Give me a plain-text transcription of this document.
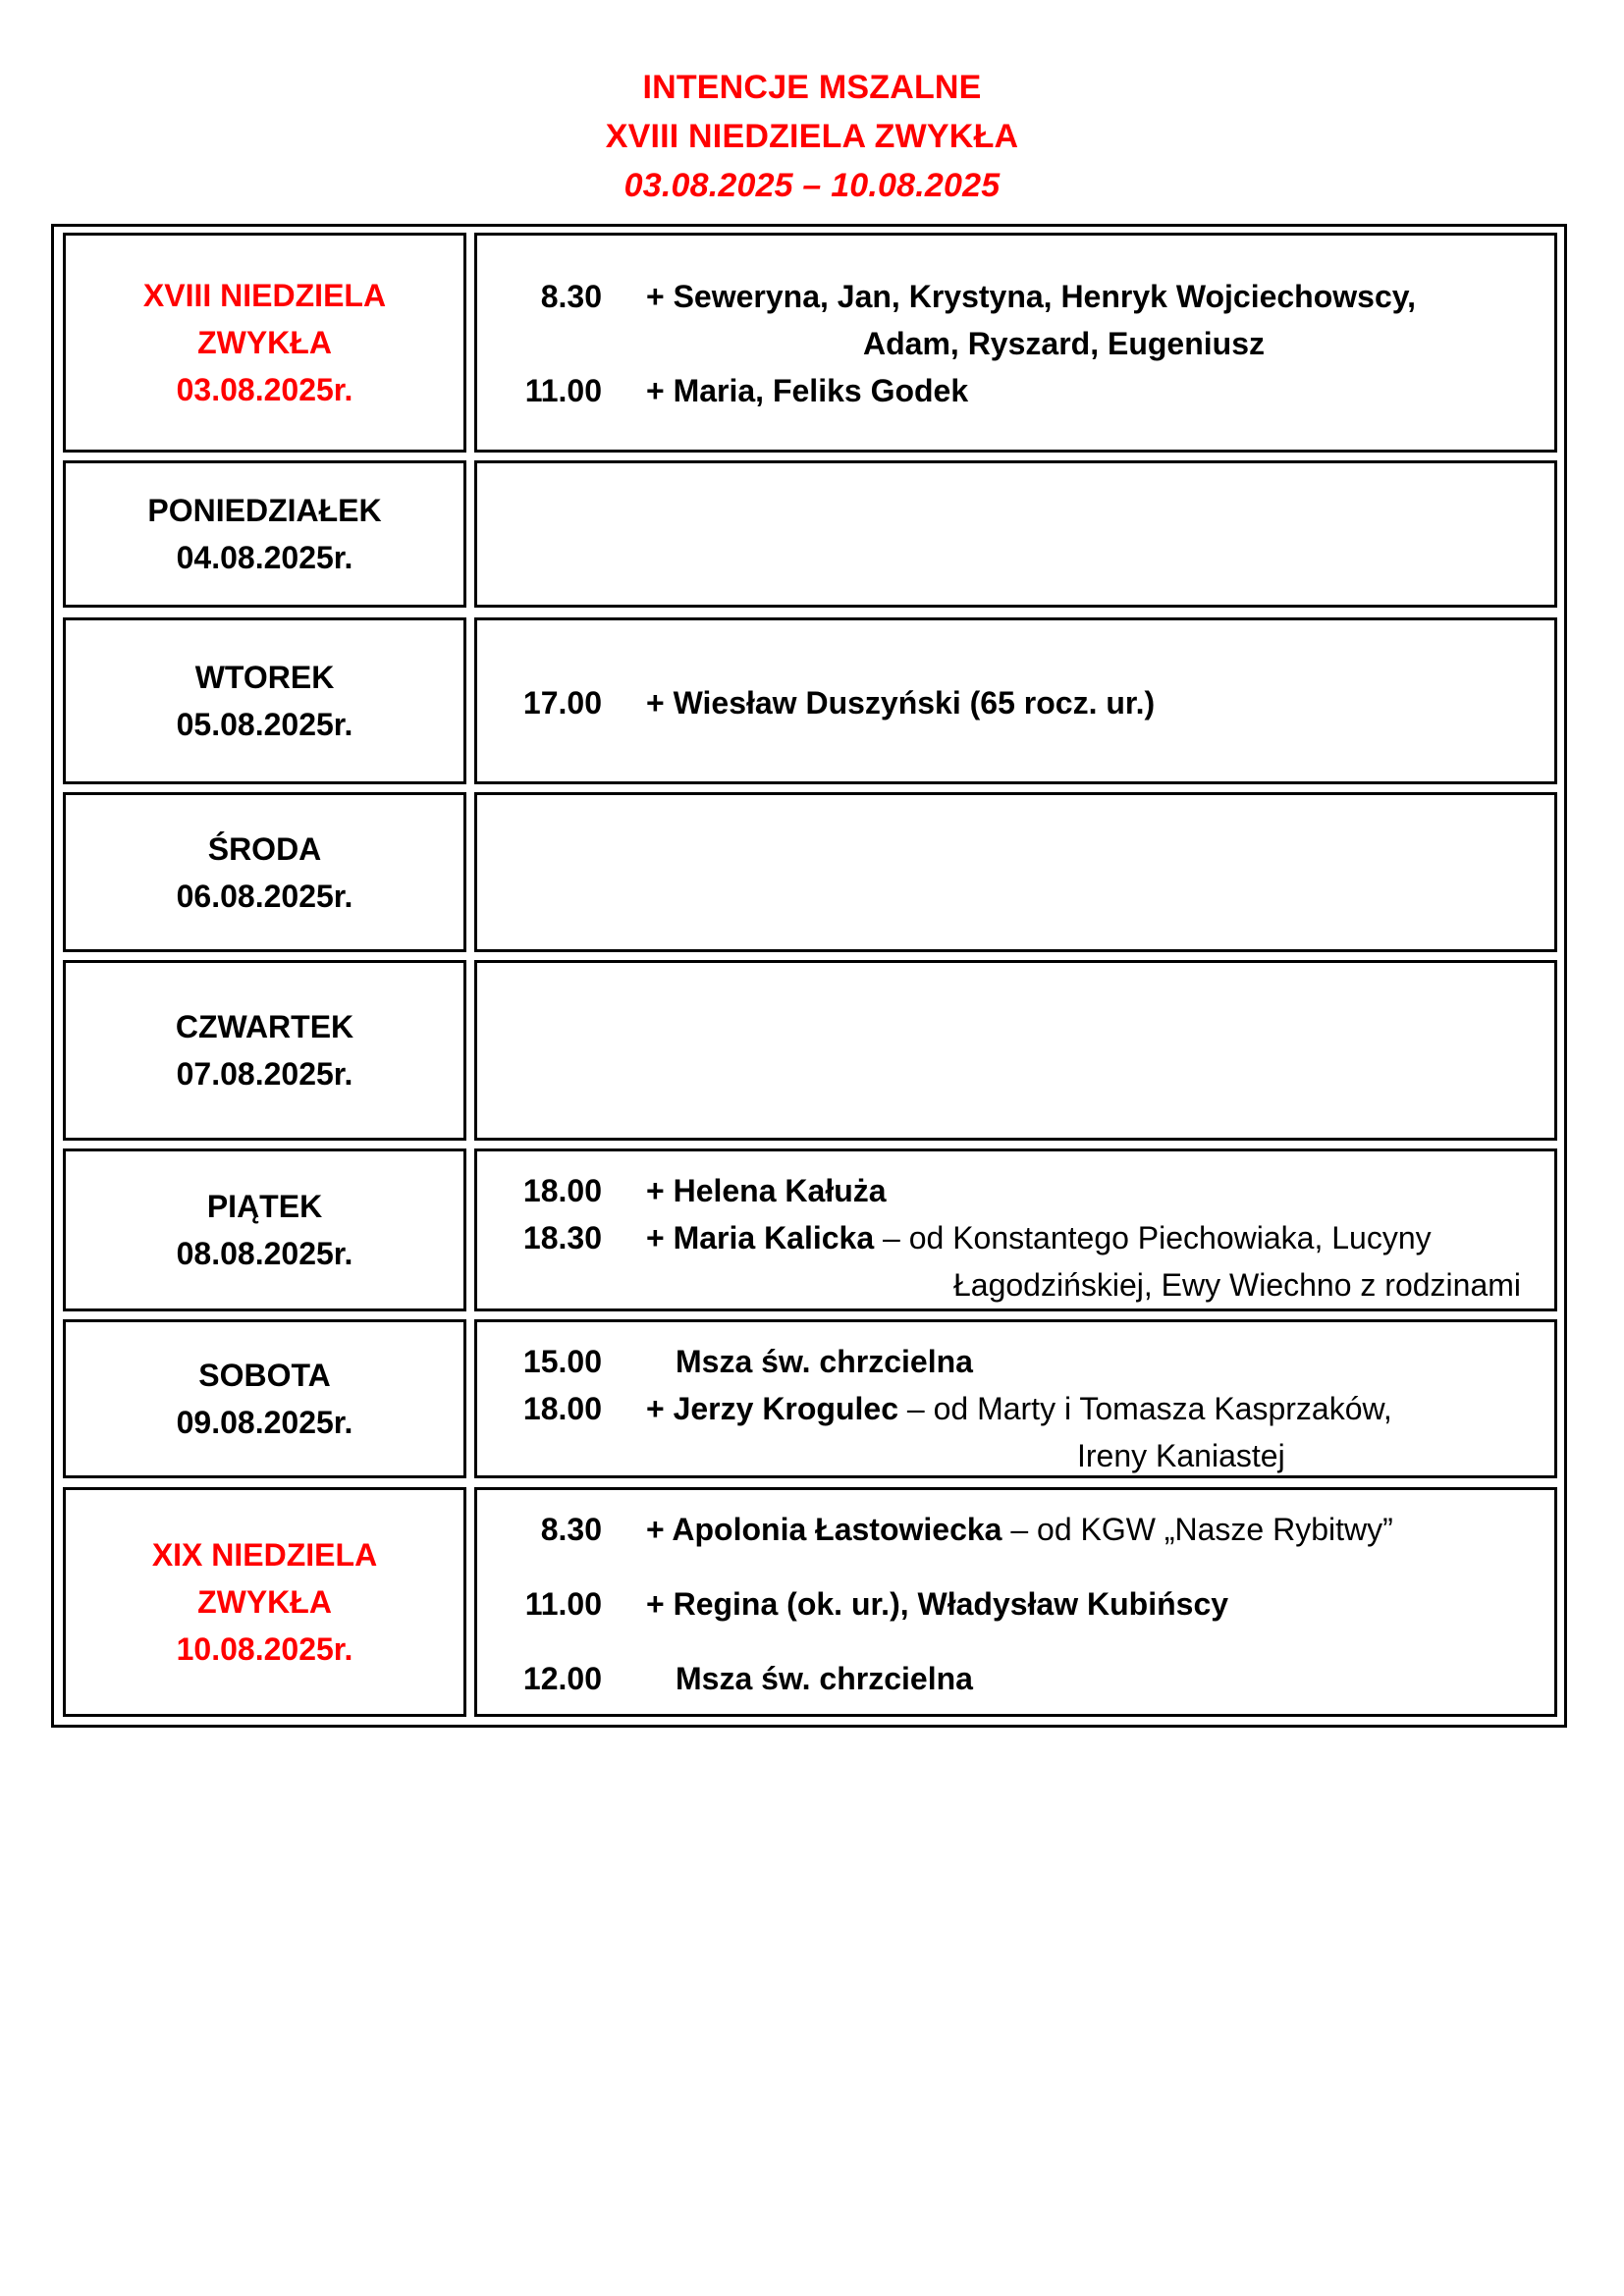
INTENCJE MSZALNE
XVIII NIEDZIELA ZWYKŁA
03.08.2025 – 10.08.2025
XVIII NIEDZIELA
ZWYKŁA
03.08.2025r.
8.30 + Seweryna, Jan, Krystyna, Henryk Wojciechowscy,
Adam, Ryszard, Eugeniusz
11.00 + Maria, Feliks Godek
PONIEDZIAŁEK
04.08.2025r.
WTOREK
05.08.2025r.
17.00 + Wiesław Duszyński (65 rocz. ur.)
ŚRODA
06.08.2025r.
CZWARTEK
07.08.2025r.
PIĄTEK
08.08.2025r.
18.00 + Helena Kałuża
18.30 + Maria Kalicka – od Konstantego Piechowiaka, Lucyny
Łagodzińskiej, Ewy Wiechno z rodzinami
SOBOTA
09.08.2025r.
15.00 Msza św. chrzcielna
18.00 + Jerzy Krogulec – od Marty i Tomasza Kasprzaków,
Ireny Kaniastej
XIX NIEDZIELA
ZWYKŁA
10.08.2025r.
8.30 + Apolonia Łastowiecka – od KGW „Nasze Rybitwy”
11.00 + Regina (ok. ur.), Władysław Kubińscy
12.00 Msza św. chrzcielna
